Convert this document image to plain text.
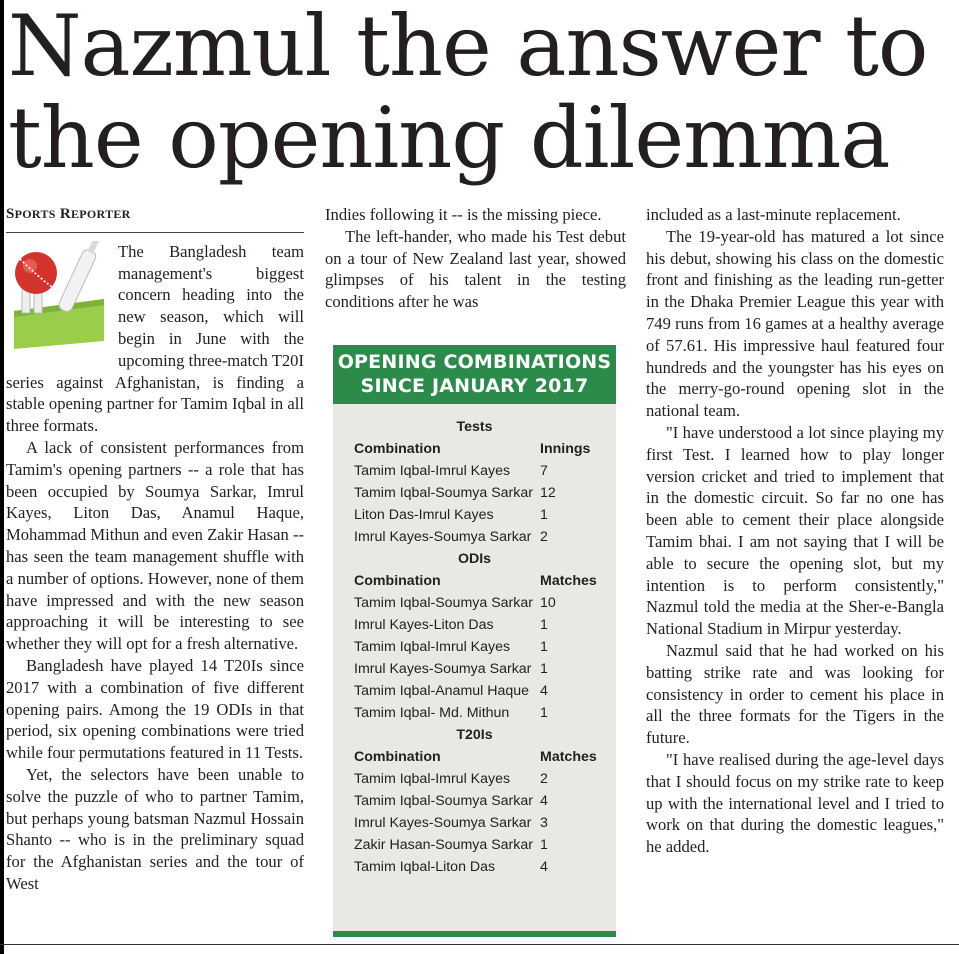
Nazmul the answer to
the opening dilemma
SPORTS REPORTER

The Bangladesh team management's biggest concern heading into the new season, which will begin in June with the upcoming three-match T20I series against Afghanistan, is finding a stable opening partner for Tamim Iqbal in all three formats.

A lack of consistent performances from Tamim's opening partners -- a role that has been occupied by Soumya Sarkar, Imrul Kayes, Liton Das, Anamul Haque, Mohammad Mithun and even Zakir Hasan -- has seen the team management shuffle with a number of options. However, none of them have impressed and with the new season approaching it will be interesting to see whether they will opt for a fresh alternative.

Bangladesh have played 14 T20Is since 2017 with a combination of five different opening pairs. Among the 19 ODIs in that period, six opening combinations were tried while four permutations featured in 11 Tests.

Yet, the selectors have been unable to solve the puzzle of who to partner Tamim, but perhaps young batsman Nazmul Hossain Shanto -- who is in the preliminary squad for the Afghanistan series and the tour of West

Indies following it -- is the missing piece.

The left-hander, who made his Test debut on a tour of New Zealand last year, showed glimpses of his talent in the testing conditions after he was

OPENING COMBINATIONS
SINCE JANUARY 2017
Tests
Combination	Innings
Tamim Iqbal-Imrul Kayes 7
Tamim Iqbal-Soumya Sarkar 12
Liton Das-Imrul Kayes	1
Imrul Kayes-Soumya Sarkar 2
ODIs
Combination	Matches
Tamim Iqbal-Soumya Sarkar 10
Imrul Kayes-Liton Das	1
Tamim Iqbal-Imrul Kayes 1
Imrul Kayes-Soumya Sarkar 1
Tamim Iqbal-Anamul Haque 4
Tamim Iqbal- Md. Mithun 1
T20Is
Combination	Matches
Tamim Iqbal-Imrul Kayes 2
Tamim Iqbal-Soumya Sarkar 4
Imrul Kayes-Soumya Sarkar 3
Zakir Hasan-Soumya Sarkar 1
Tamim Iqbal-Liton Das	4

included as a last-minute replacement.

The 19-year-old has matured a lot since his debut, showing his class on the domestic front and finishing as the leading run-getter in the Dhaka Premier League this year with 749 runs from 16 games at a healthy average of 57.61. His impressive haul featured four hundreds and the youngster has his eyes on the merry-go-round opening slot in the national team.

"I have understood a lot since playing my first Test. I learned how to play longer version cricket and tried to implement that in the domestic circuit. So far no one has been able to cement their place alongside Tamim bhai. I am not saying that I will be able to secure the opening slot, but my intention is to perform consistently," Nazmul told the media at the Sher-e-Bangla National Stadium in Mirpur yesterday.

Nazmul said that he had worked on his batting strike rate and was looking for consistency in order to cement his place in all the three formats for the Tigers in the future.

"I have realised during the age-level days that I should focus on my strike rate to keep up with the international level and I tried to work on that during the domestic leagues," he added.
